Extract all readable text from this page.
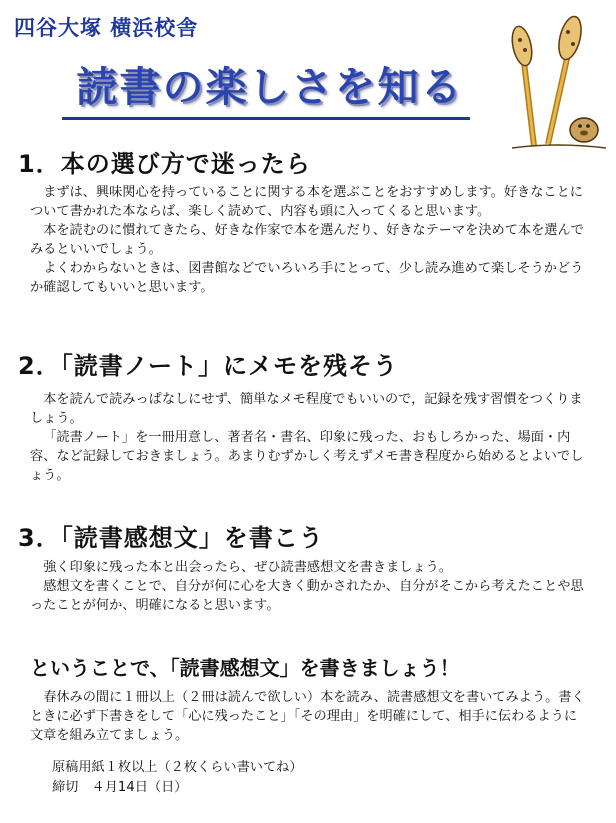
四谷大塚 横浜校舎
読書の楽しさを知る
1．本の選び方で迷ったら

まずは、興味関心を持っていることに関する本を選ぶことをおすすめします。好きなことについて書かれた本ならば、楽しく読めて、内容も頭に入ってくると思います。

本を読むのに慣れてきたら、好きな作家で本を選んだり、好きなテーマを決めて本を選んでみるといいでしょう。

よくわからないときは、図書館などでいろいろ手にとって、少し読み進めて楽しそうかどうか確認してもいいと思います。

2．「読書ノート」にメモを残そう

本を読んで読みっぱなしにせず、簡単なメモ程度でもいいので，記録を残す習慣をつくりましょう。

「読書ノート」を一冊用意し、著者名・書名、印象に残った、おもしろかった、場面・内容、など記録しておきましょう。あまりむずかしく考えずメモ書き程度から始めるとよいでしょう。

3．「読書感想文」を書こう

強く印象に残った本と出会ったら、ぜひ読書感想文を書きましょう。

感想文を書くことで、自分が何に心を大きく動かされたか、自分がそこから考えたことや思ったことが何か、明確になると思います。

ということで、「読書感想文」を書きましょう！

春休みの間に１冊以上（２冊は読んで欲しい）本を読み、読書感想文を書いてみよう。書くときに必ず下書きをして「心に残ったこと」「その理由」を明確にして、相手に伝わるように文章を組み立てましょう。

原稿用紙１枚以上（２枚くらい書いてね）
締切　４月14日（日）
